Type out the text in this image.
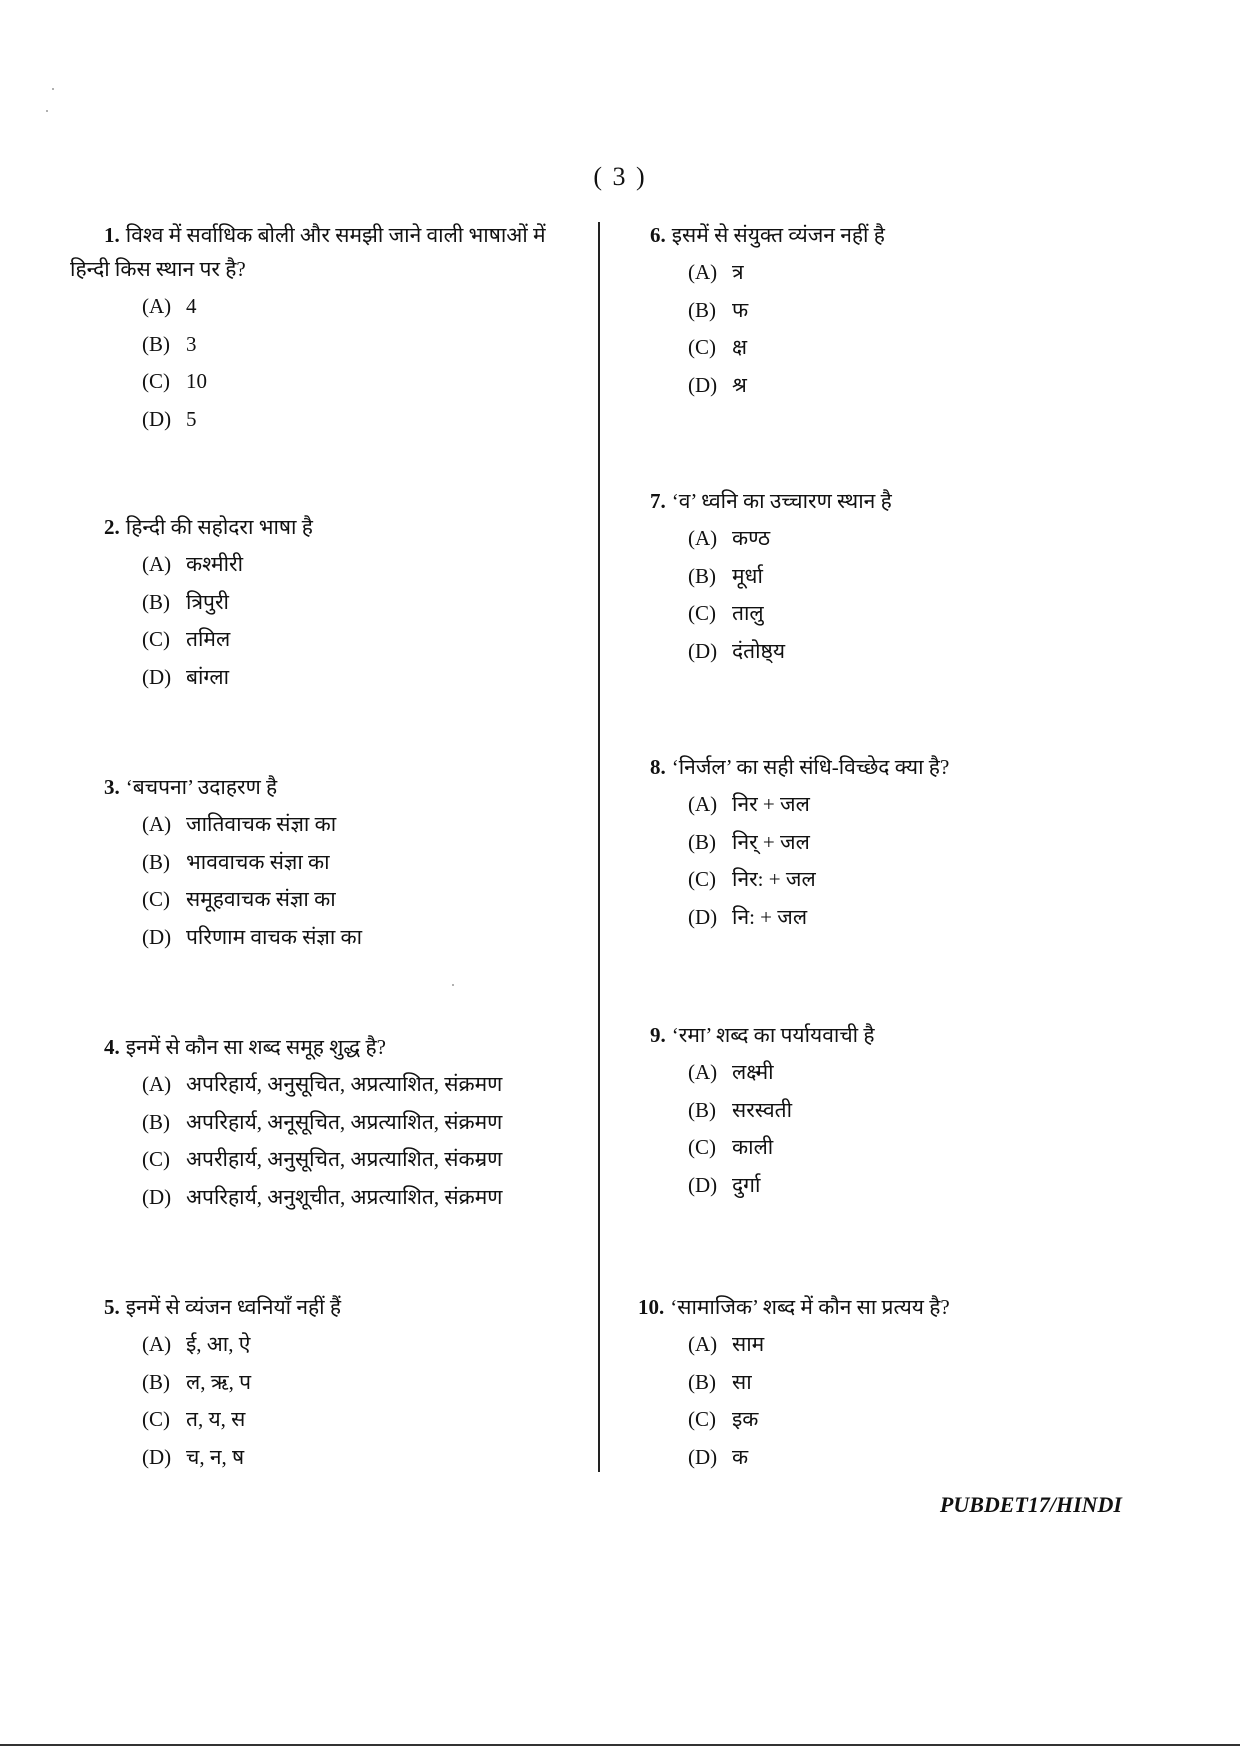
( 3 )

1. विश्व में सर्वाधिक बोली और समझी जाने वाली भाषाओं में हिन्दी किस स्थान पर है?

(A) 4
(B) 3
(C) 10
(D) 5

2. हिन्दी की सहोदरा भाषा है

(A) कश्मीरी
(B) त्रिपुरी
(C) तमिल
(D) बांग्ला

3. ‘बचपना’ उदाहरण है

(A) जातिवाचक संज्ञा का
(B) भाववाचक संज्ञा का
(C) समूहवाचक संज्ञा का
(D) परिणाम वाचक संज्ञा का

4. इनमें से कौन सा शब्द समूह शुद्ध है?

(A) अपरिहार्य, अनुसूचित, अप्रत्याशित, संक्रमण
(B) अपरिहार्य, अनूसूचित, अप्रत्याशित, संक्रमण
(C) अपरीहार्य, अनुसूचित, अप्रत्याशित, संकम्रण
(D) अपरिहार्य, अनुशूचीत, अप्रत्याशित, संक्रमण

5. इनमें से व्यंजन ध्वनियाँ नहीं हैं

(A) ई, आ, ऐ
(B) ल, ऋ, प
(C) त, य, स
(D) च, न, ष

6. इसमें से संयुक्त व्यंजन नहीं है

(A) त्र
(B) फ
(C) क्ष
(D) श्र

7. ‘व’ ध्वनि का उच्चारण स्थान है

(A) कण्ठ
(B) मूर्धा
(C) तालु
(D) दंतोष्ठ्य

8. ‘निर्जल’ का सही संधि-विच्छेद क्या है?

(A) निर + जल
(B) निर् + जल
(C) निर: + जल
(D) नि: + जल

9. ‘रमा’ शब्द का पर्यायवाची है

(A) लक्ष्मी
(B) सरस्वती
(C) काली
(D) दुर्गा

10. ‘सामाजिक’ शब्द में कौन सा प्रत्यय है?

(A) साम
(B) सा
(C) इक
(D) क
PUBDET17/HINDI
